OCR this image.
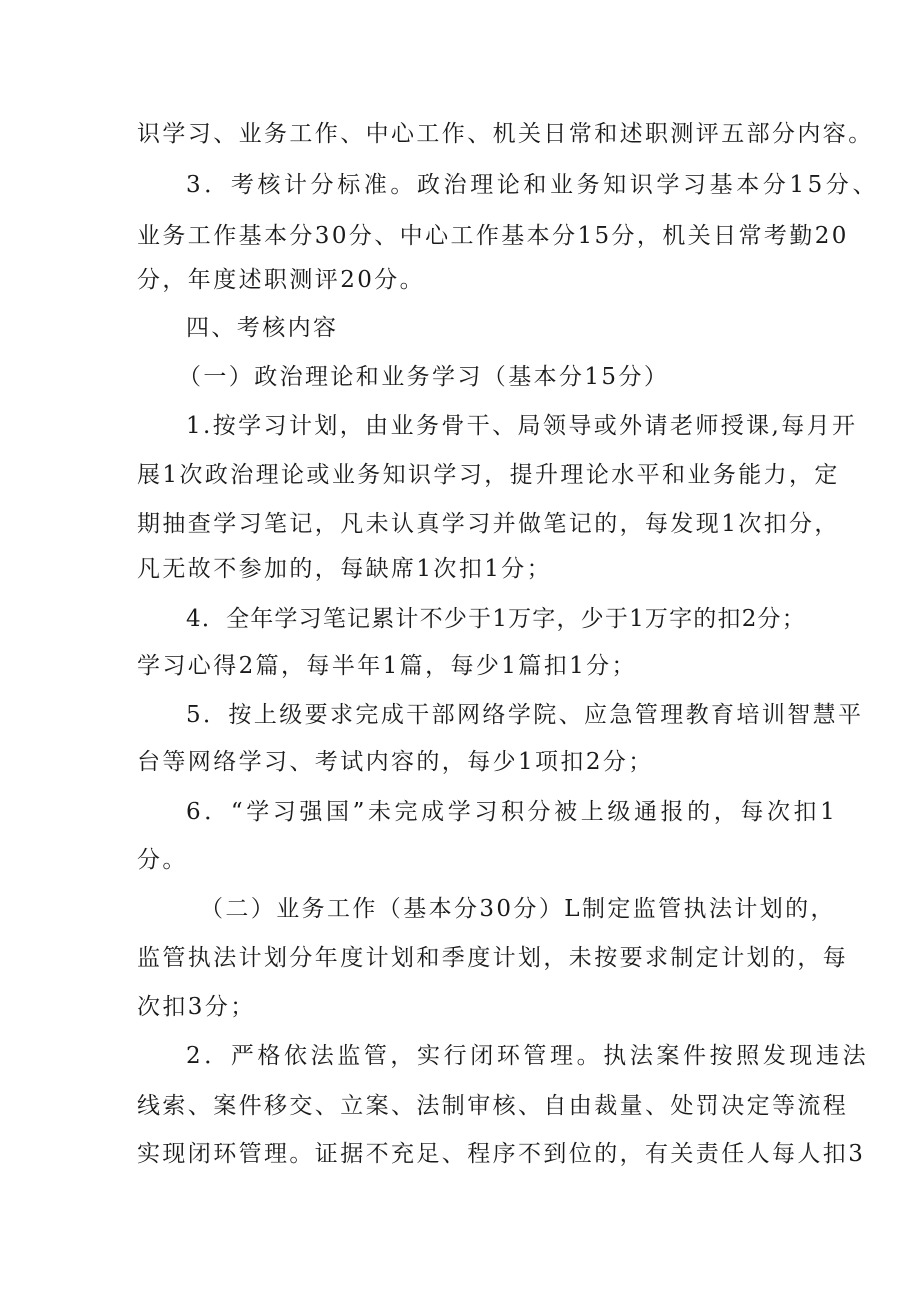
识学习、业务工作、中心工作、机关日常和述职测评五部分内容。
3．考核计分标准。政治理论和业务知识学习基本分15分、
业务工作基本分30分、中心工作基本分15分，机关日常考勤20
分，年度述职测评20分。
四、考核内容
（一）政治理论和业务学习（基本分15分）
1.按学习计划，由业务骨干、局领导或外请老师授课,每月开
展1次政治理论或业务知识学习，提升理论水平和业务能力，定
期抽查学习笔记，凡未认真学习并做笔记的，每发现1次扣分，
凡无故不参加的，每缺席1次扣1分；
4．全年学习笔记累计不少于1万字，少于1万字的扣2分；
学习心得2篇，每半年1篇，每少1篇扣1分；
5．按上级要求完成干部网络学院、应急管理教育培训智慧平
台等网络学习、考试内容的，每少1项扣2分；
6．“学习强国”未完成学习积分被上级通报的，每次扣1
分。
（二）业务工作（基本分30分）L制定监管执法计划的，
监管执法计划分年度计划和季度计划，未按要求制定计划的，每
次扣3分；
2．严格依法监管，实行闭环管理。执法案件按照发现违法
线索、案件移交、立案、法制审核、自由裁量、处罚决定等流程
实现闭环管理。证据不充足、程序不到位的，有关责任人每人扣3
